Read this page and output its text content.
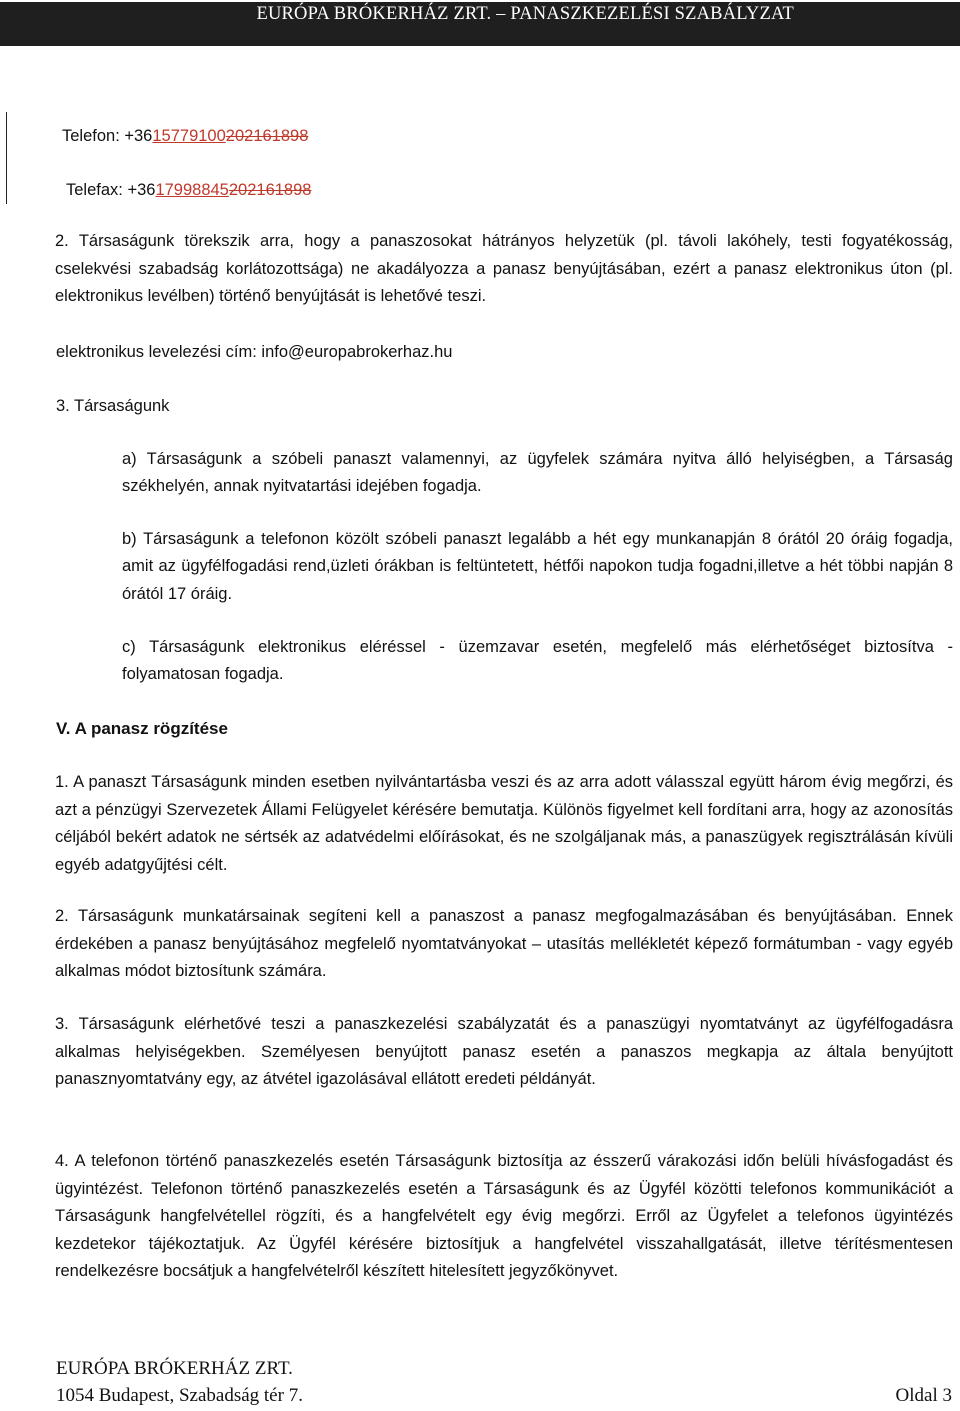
EURÓPA BRÓKERHÁZ ZRT. – PANASZKEZELÉSI SZABÁLYZAT
Telefon: +3615779100202161898
Telefax: +3617998845202161898
2. Társaságunk törekszik arra, hogy a panaszosokat hátrányos helyzetük (pl. távoli lakóhely, testi fogyatékosság, cselekvési szabadság korlátozottsága) ne akadályozza a panasz benyújtásában, ezért a panasz elektronikus úton (pl. elektronikus levélben) történő benyújtását is lehetővé teszi.
elektronikus levelezési cím: info@europabrokerhaz.hu
3. Társaságunk
a) Társaságunk a szóbeli panaszt valamennyi, az ügyfelek számára nyitva álló helyiségben, a Társaság székhelyén, annak nyitvatartási idejében fogadja.
b) Társaságunk a telefonon közölt szóbeli panaszt legalább a hét egy munkanapján 8 órától 20 óráig fogadja, amit az ügyfélfogadási rend,üzleti órákban is feltüntetett, hétfői napokon tudja fogadni,illetve a hét többi napján 8 órától 17 óráig.
c) Társaságunk elektronikus eléréssel - üzemzavar esetén, megfelelő más elérhetőséget biztosítva - folyamatosan fogadja.
V. A panasz rögzítése
1. A panaszt Társaságunk minden esetben nyilvántartásba veszi és az arra adott válasszal együtt három évig megőrzi, és azt a pénzügyi Szervezetek Állami Felügyelet kérésére bemutatja. Különös figyelmet kell fordítani arra, hogy az azonosítás céljából bekért adatok ne sértsék az adatvédelmi előírásokat, és ne szolgáljanak más, a panaszügyek regisztrálásán kívüli egyéb adatgyűjtési célt.
2. Társaságunk munkatársainak segíteni kell a panaszost a panasz megfogalmazásában és benyújtásában. Ennek érdekében a panasz benyújtásához megfelelő nyomtatványokat – utasítás mellékletét képező formátumban - vagy egyéb alkalmas módot biztosítunk számára.
3. Társaságunk elérhetővé teszi a panaszkezelési szabályzatát és a panaszügyi nyomtatványt az ügyfélfogadásra alkalmas helyiségekben. Személyesen benyújtott panasz esetén a panaszos megkapja az általa benyújtott panasznyomtatvány egy, az átvétel igazolásával ellátott eredeti példányát.
4. A telefonon történő panaszkezelés esetén Társaságunk biztosítja az ésszerű várakozási időn belüli hívásfogadást és ügyintézést. Telefonon történő panaszkezelés esetén a Társaságunk és az Ügyfél közötti telefonos kommunikációt a Társaságunk hangfelvétellel rögzíti, és a hangfelvételt egy évig megőrzi. Erről az Ügyfelet a telefonos ügyintézés kezdetekor tájékoztatjuk. Az Ügyfél kérésére biztosítjuk a hangfelvétel visszahallgatását, illetve térítésmentesen rendelkezésre bocsátjuk a hangfelvételről készített hitelesített jegyzőkönyvet.
EURÓPA BRÓKERHÁZ ZRT.
1054 Budapest, Szabadság tér 7.	Oldal 3
